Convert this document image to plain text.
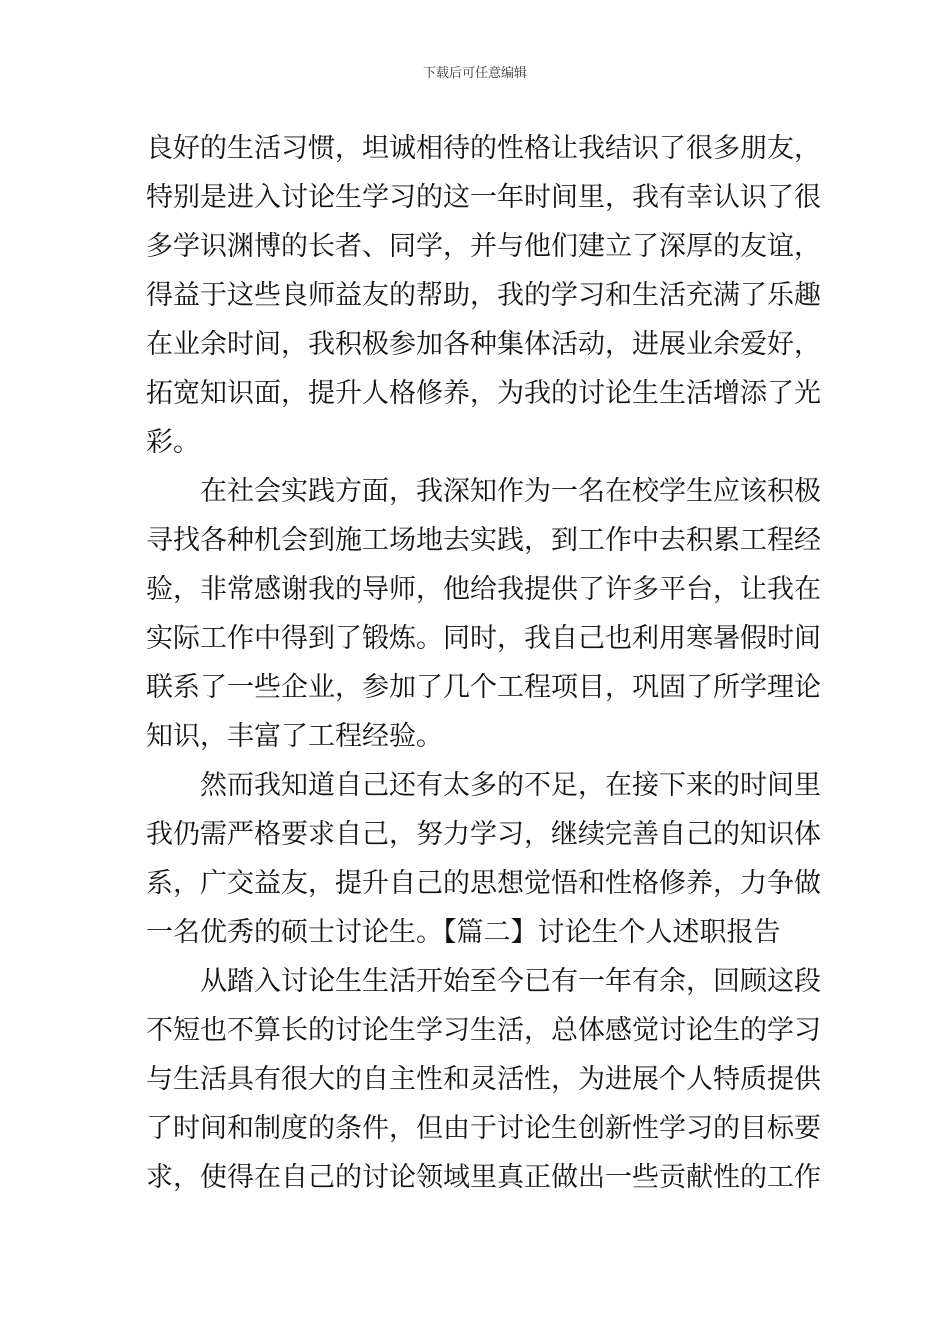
下载后可任意编辑
良好的生活习惯，坦诚相待的性格让我结识了很多朋友，
特别是进入讨论生学习的这一年时间里，我有幸认识了很
多学识渊博的长者、同学，并与他们建立了深厚的友谊，
得益于这些良师益友的帮助，我的学习和生活充满了乐趣
在业余时间，我积极参加各种集体活动，进展业余爱好，
拓宽知识面，提升人格修养，为我的讨论生生活增添了光
彩。
在社会实践方面，我深知作为一名在校学生应该积极
寻找各种机会到施工场地去实践，到工作中去积累工程经
验，非常感谢我的导师，他给我提供了许多平台，让我在
实际工作中得到了锻炼。同时，我自己也利用寒暑假时间
联系了一些企业，参加了几个工程项目，巩固了所学理论
知识，丰富了工程经验。
然而我知道自己还有太多的不足，在接下来的时间里
我仍需严格要求自己，努力学习，继续完善自己的知识体
系，广交益友，提升自己的思想觉悟和性格修养，力争做
一名优秀的硕士讨论生。【篇二】讨论生个人述职报告
从踏入讨论生生活开始至今已有一年有余，回顾这段
不短也不算长的讨论生学习生活，总体感觉讨论生的学习
与生活具有很大的自主性和灵活性，为进展个人特质提供
了时间和制度的条件，但由于讨论生创新性学习的目标要
求，使得在自己的讨论领域里真正做出一些贡献性的工作
